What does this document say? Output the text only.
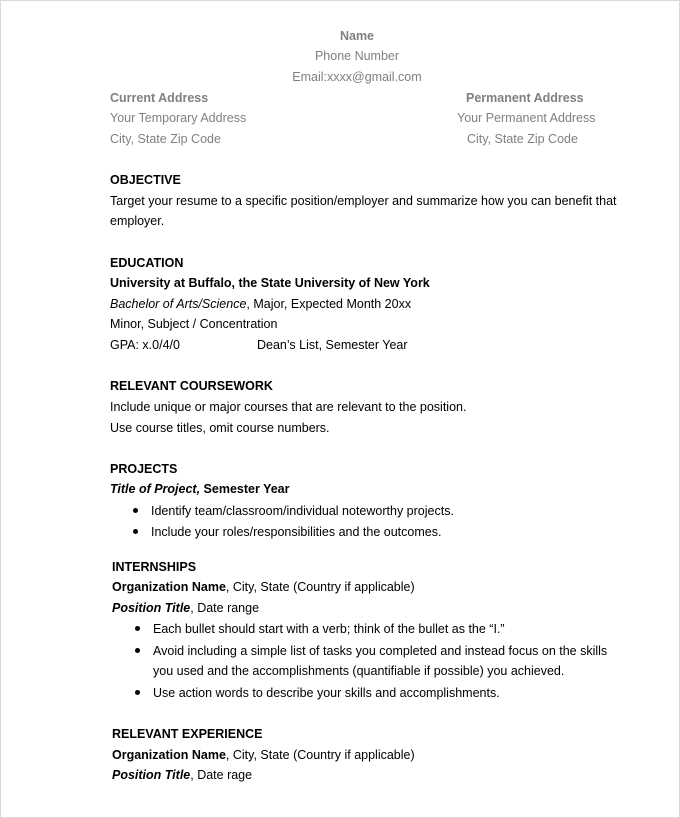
Name
Phone Number
Email:xxxx@gmail.com
Current Address
Your Temporary Address
City, State Zip Code
Permanent Address
Your Permanent Address
City, State Zip Code
OBJECTIVE
Target your resume to a specific position/employer and summarize how you can benefit that
employer.
EDUCATION
University at Buffalo, the State University of New York
Bachelor of Arts/Science, Major, Expected Month 20xx
Minor, Subject / Concentration
GPA: x.0/4/0	Dean’s List, Semester Year
RELEVANT COURSEWORK
Include unique or major courses that are relevant to the position.
Use course titles, omit course numbers.
PROJECTS
Title of Project, Semester Year
Identify team/classroom/individual noteworthy projects.
Include your roles/responsibilities and the outcomes.
INTERNSHIPS
Organization Name, City, State (Country if applicable)
Position Title, Date range
Each bullet should start with a verb; think of the bullet as the “I.”
Avoid including a simple list of tasks you completed and instead focus on the skills
you used and the accomplishments (quantifiable if possible) you achieved.
Use action words to describe your skills and accomplishments.
RELEVANT EXPERIENCE
Organization Name, City, State (Country if applicable)
Position Title, Date rage
